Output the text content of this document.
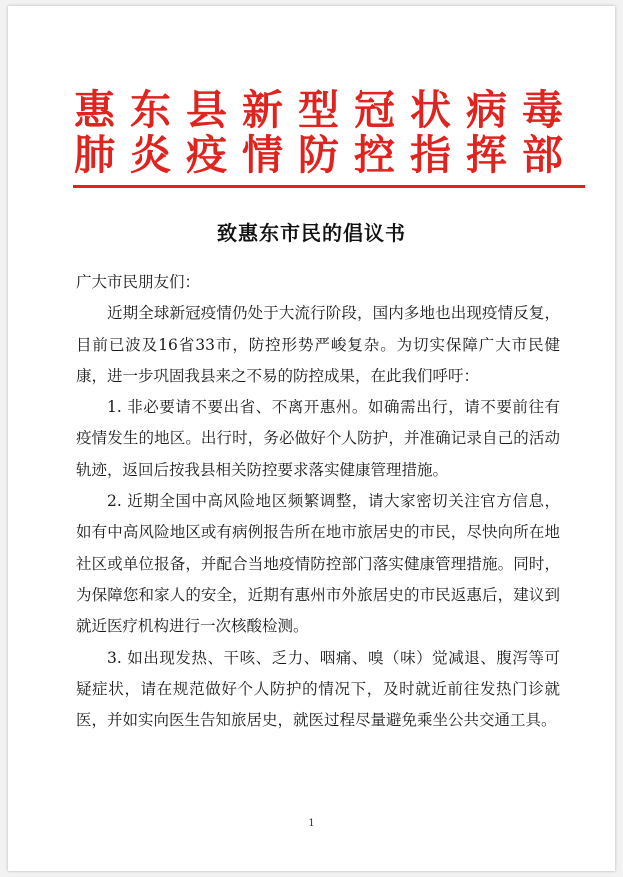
惠东县新型冠状病毒
肺炎疫情防控指挥部
致惠东市民的倡议书

广大市民朋友们：

近期全球新冠疫情仍处于大流行阶段，国内多地也出现疫情反复，目前已波及16省33市，防控形势严峻复杂。为切实保障广大市民健康，进一步巩固我县来之不易的防控成果，在此我们呼吁：

1. 非必要请不要出省、不离开惠州。如确需出行，请不要前往有疫情发生的地区。出行时，务必做好个人防护，并准确记录自己的活动轨迹，返回后按我县相关防控要求落实健康管理措施。

2. 近期全国中高风险地区频繁调整，请大家密切关注官方信息，如有中高风险地区或有病例报告所在地市旅居史的市民，尽快向所在地社区或单位报备，并配合当地疫情防控部门落实健康管理措施。同时，为保障您和家人的安全，近期有惠州市外旅居史的市民返惠后，建议到就近医疗机构进行一次核酸检测。

3. 如出现发热、干咳、乏力、咽痛、嗅（味）觉减退、腹泻等可疑症状，请在规范做好个人防护的情况下，及时就近前往发热门诊就医，并如实向医生告知旅居史，就医过程尽量避免乘坐公共交通工具。

1
